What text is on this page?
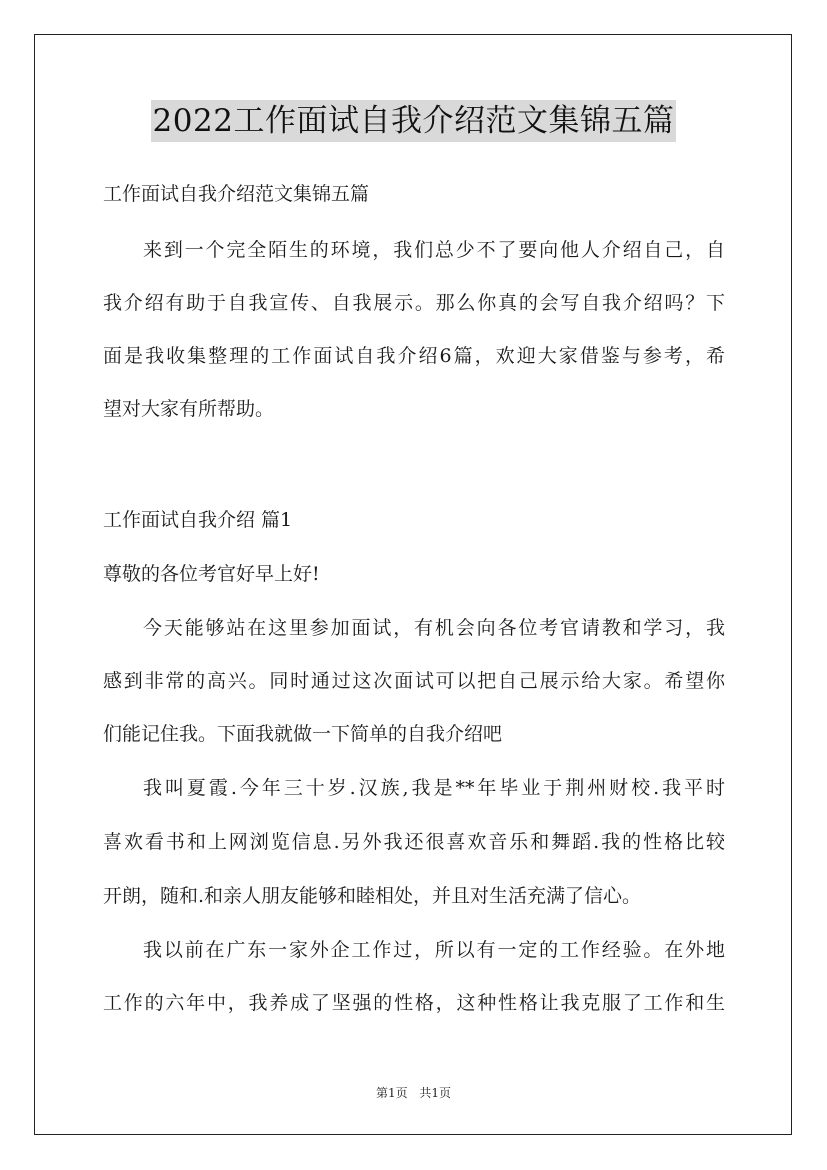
2022工作面试自我介绍范文集锦五篇
工作面试自我介绍范文集锦五篇
来到一个完全陌生的环境，我们总少不了要向他人介绍自己，自
我介绍有助于自我宣传、自我展示。那么你真的会写自我介绍吗？下
面是我收集整理的工作面试自我介绍6篇，欢迎大家借鉴与参考，希
望对大家有所帮助。
工作面试自我介绍 篇1
尊敬的各位考官好早上好!
今天能够站在这里参加面试，有机会向各位考官请教和学习，我
感到非常的高兴。同时通过这次面试可以把自己展示给大家。希望你
们能记住我。下面我就做一下简单的自我介绍吧
我叫夏霞.今年三十岁.汉族,我是**年毕业于荆州财校.我平时
喜欢看书和上网浏览信息.另外我还很喜欢音乐和舞蹈.我的性格比较
开朗，随和.和亲人朋友能够和睦相处，并且对生活充满了信心。
我以前在广东一家外企工作过，所以有一定的工作经验。在外地
工作的六年中，我养成了坚强的性格，这种性格让我克服了工作和生
第1页 共1页
